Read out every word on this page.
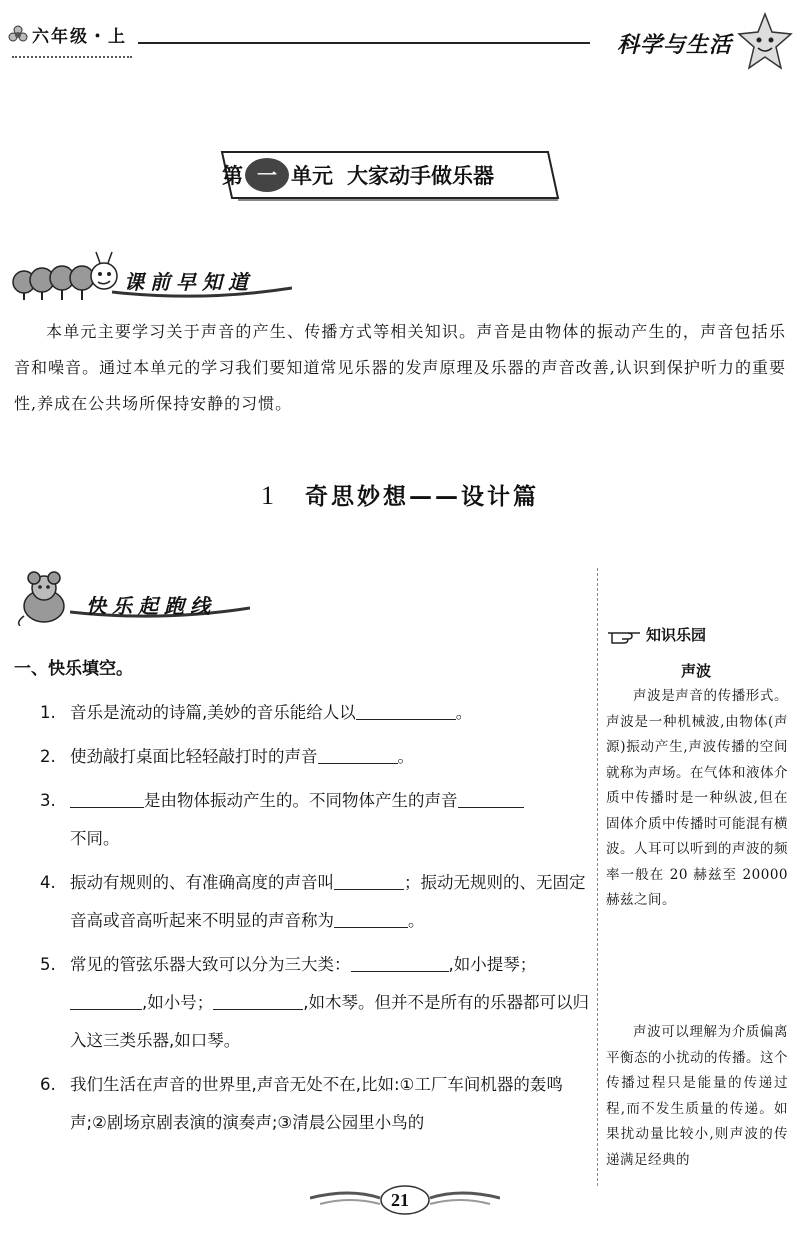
六年级・上	科学与生活
第 一 单元 大家动手做乐器
课前早知道

本单元主要学习关于声音的产生、传播方式等相关知识。声音是由物体的振动产生的，声音包括乐音和噪音。通过本单元的学习我们要知道常见乐器的发声原理及乐器的声音改善,认识到保护听力的重要性,养成在公共场所保持安静的习惯。

1 奇思妙想——设计篇
快乐起跑线
一、快乐填空。
1. 音乐是流动的诗篇,美妙的音乐能给人以	。
2. 使劲敲打桌面比轻轻敲打时的声音	。
3.	是由物体振动产生的。不同物体产生的声音
不同。
4. 振动有规则的、有准确高度的声音叫	；振动无规则的、无固定音高或音高听起来不明显的声音称为	。
5. 常见的管弦乐器大致可以分为三大类：	,如小提琴；
,如小号；	,如木琴。但并不是所有的乐器都可以归入这三类乐器,如口琴。
6. 我们生活在声音的世界里,声音无处不在,比如:①工厂车间机器的轰鸣声;②剧场京剧表演的演奏声;③清晨公园里小鸟的
知识乐园
声波

声波是声音的传播形式。声波是一种机械波,由物体(声源)振动产生,声波传播的空间就称为声场。在气体和液体介质中传播时是一种纵波,但在固体介质中传播时可能混有横波。人耳可以听到的声波的频率一般在 20 赫兹至 20000 赫兹之间。

声波可以理解为介质偏离平衡态的小扰动的传播。这个传播过程只是能量的传递过程,而不发生质量的传递。如果扰动量比较小,则声波的传递满足经典的

21
